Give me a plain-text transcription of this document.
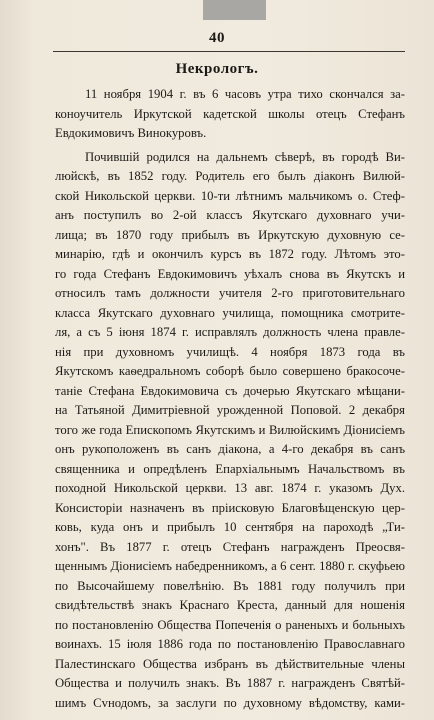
40
Некрологъ.
11 ноября 1904 г. въ 6 часовъ утра тихо скончался за-
коноучитель Иркутской кадетской школы отецъ Стефанъ
Евдокимовичъ Винокуровъ.
Почившій родился на дальнемъ сѣверѣ, въ городѣ Ви-
люйскѣ, въ 1852 году. Родитель его былъ діаконъ Вилюй-
ской Никольской церкви. 10-ти лѣтнимъ мальчикомъ о. Стеф-
анъ поступилъ во 2-ой классъ Якутскаго духовнаго учи-
лища; въ 1870 году прибылъ въ Иркутскую духовную се-
минарію, гдѣ и окончилъ курсъ въ 1872 году. Лѣтомъ это-
го года Стефанъ Евдокимовичъ уѣхалъ снова въ Якутскъ и
относилъ тамъ должности учителя 2-го приготовительнаго
класса Якутскаго духовнаго училища, помощника смотрите-
ля, а съ 5 іюня 1874 г. исправлялъ должность члена правле-
нія при духовномъ училищѣ. 4 ноября 1873 года въ
Якутскомъ каѳедральномъ соборѣ было совершено бракосоче-
таніе Стефана Евдокимовича съ дочерью Якутскаго мѣщани-
на Татьяной Димитріевной урожденной Поповой. 2 декабря
того же года Епископомъ Якутскимъ и Вилюйскимъ Діонисіемъ
онъ рукоположенъ въ санъ діакона, а 4-го декабря въ санъ
священника и опредѣленъ Епархіальнымъ Начальствомъ въ
походной Никольской церкви. 13 авг. 1874 г. указомъ Дух.
Консисторіи назначенъ въ пріисковую Благовѣщенскую цер-
ковь, куда онъ и прибылъ 10 сентября на пароходѣ „Ти-
хонъ". Въ 1877 г. отецъ Стефанъ награжденъ Преосвя-
щеннымъ Діонисіемъ набедренникомъ, а 6 сент. 1880 г. скуфьею
по Высочайшему повелѣнію. Въ 1881 году получилъ при
свидѣтельствѣ знакъ Краснаго Креста, данный для ношенія
по постановленію Общества Попеченія о раненыхъ и больныхъ
воинахъ. 15 іюля 1886 года по постановленію Православнаго
Палестинскаго Общества избранъ въ дѣйствительные члены
Общества и получилъ знакъ. Въ 1887 г. награжденъ Святѣй-
шимъ Сvнодомъ, за заслуги по духовному вѣдомству, ками-
